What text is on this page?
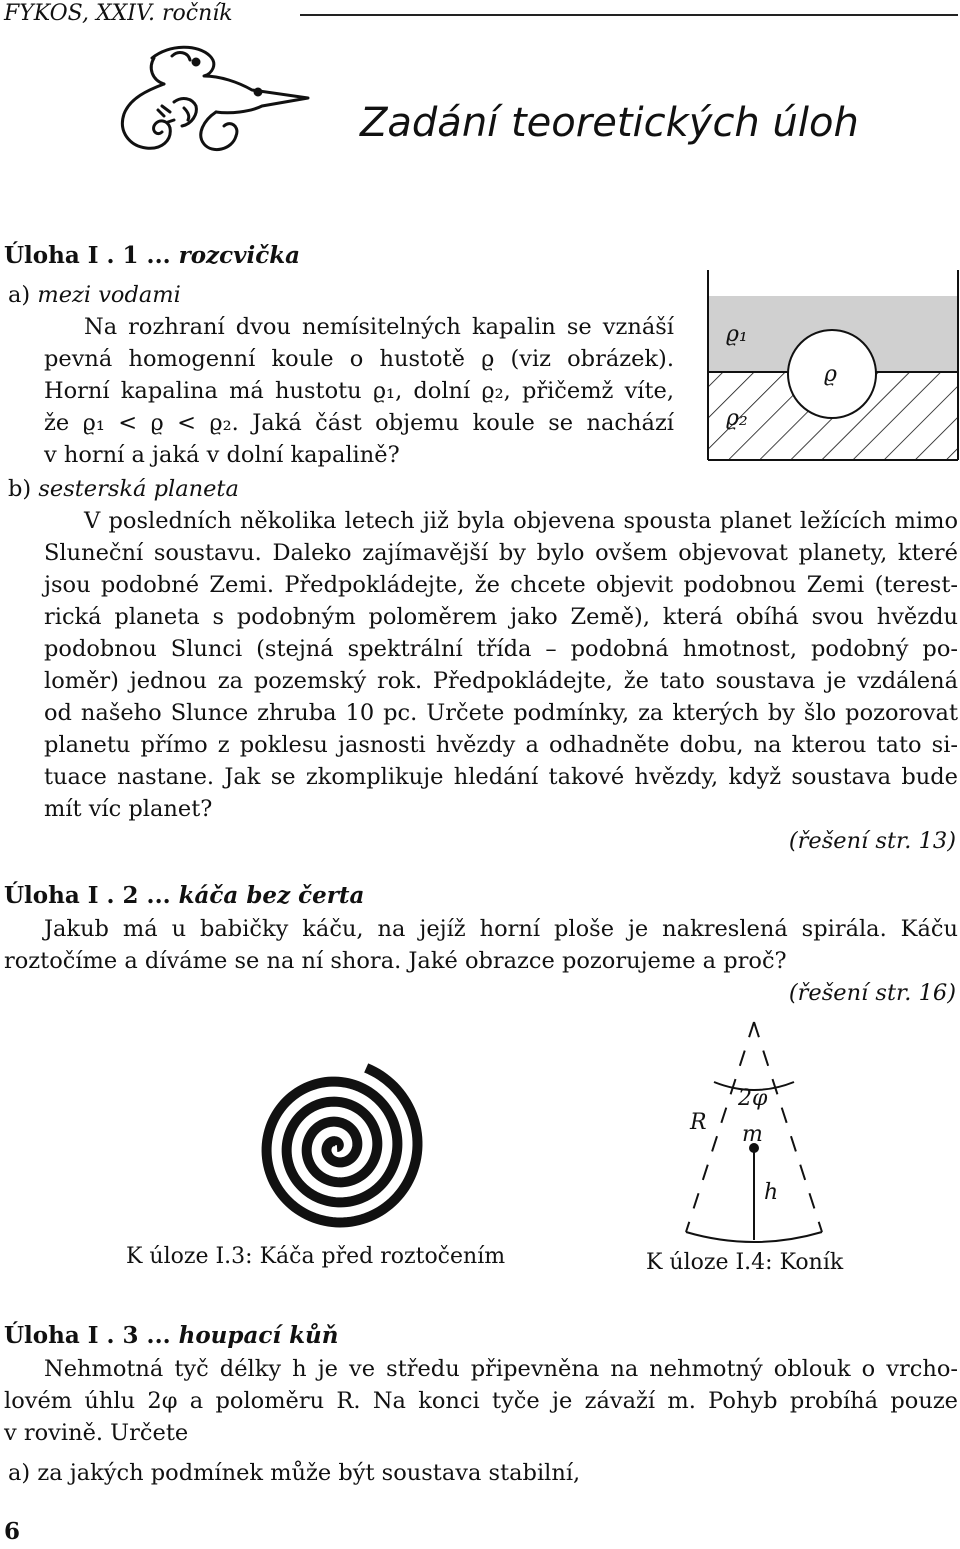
FYKOS, XXIV. ročník
Zadání teoretických úloh
Úloha I . 1 ... rozcvička
a) mezi vodami
Na rozhraní dvou nemísitelných kapalin se vznáší
pevná homogenní koule o hustotě ϱ (viz obrázek).
Horní kapalina má hustotu ϱ₁, dolní ϱ₂, přičemž víte,
že ϱ₁ < ϱ < ϱ₂. Jaká část objemu koule se nachází
v horní a jaká v dolní kapalině?
ϱ₁
ϱ
ϱ₂
b) sesterská planeta
V posledních několika letech již byla objevena spousta planet ležících mimo
Sluneční soustavu. Daleko zajímavější by bylo ovšem objevovat planety, které
jsou podobné Zemi. Předpokládejte, že chcete objevit podobnou Zemi (terest-
rická planeta s podobným poloměrem jako Země), která obíhá svou hvězdu
podobnou Slunci (stejná spektrální třída – podobná hmotnost, podobný po-
loměr) jednou za pozemský rok. Předpokládejte, že tato soustava je vzdálená
od našeho Slunce zhruba 10 pc. Určete podmínky, za kterých by šlo pozorovat
planetu přímo z poklesu jasnosti hvězdy a odhadněte dobu, na kterou tato si-
tuace nastane. Jak se zkomplikuje hledání takové hvězdy, když soustava bude
mít víc planet?
(řešení str. 13)
Úloha I . 2 ... káča bez čerta
Jakub má u babičky káču, na jejíž horní ploše je nakreslená spirála. Káču
roztočíme a díváme se na ní shora. Jaké obrazce pozorujeme a proč?
(řešení str. 16)
K úloze I.3: Káča před roztočením
2φ
R m
h
K úloze I.4: Koník
Úloha I . 3 ... houpací kůň
Nehmotná tyč délky h je ve středu připevněna na nehmotný oblouk o vrcho-
lovém úhlu 2φ a poloměru R. Na konci tyče je závaží m. Pohyb probíhá pouze
v rovině. Určete
a) za jakých podmínek může být soustava stabilní,
6
